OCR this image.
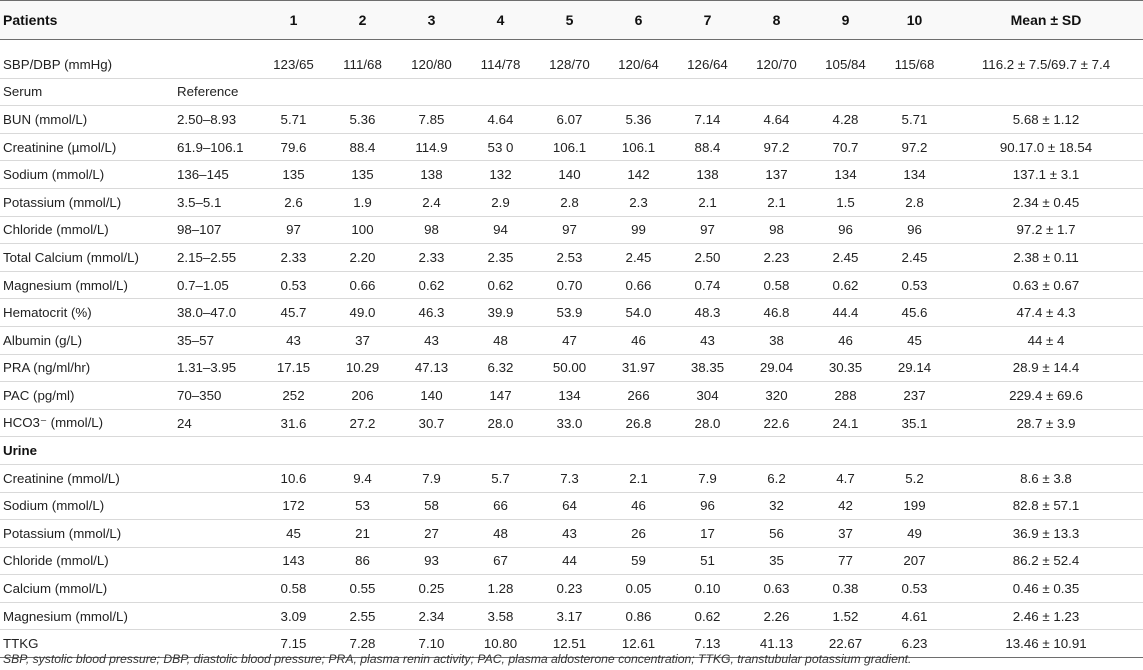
Patients		1	2	3	4	5	6	7	8	9	10	Mean ± SD
SBP/DBP (mmHg)		123/65	111/68	120/80	114/78	128/70	120/64	126/64	120/70	105/84	115/68	116.2 ± 7.5/69.7 ± 7.4
Serum	Reference											
BUN (mmol/L)	2.50–8.93	5.71	5.36	7.85	4.64	6.07	5.36	7.14	4.64	4.28	5.71	5.68 ± 1.12
Creatinine (µmol/L)	61.9–106.1	79.6	88.4	114.9	53 0	106.1	106.1	88.4	97.2	70.7	97.2	90.17.0 ± 18.54
Sodium (mmol/L)	136–145	135	135	138	132	140	142	138	137	134	134	137.1 ± 3.1
Potassium (mmol/L)	3.5–5.1	2.6	1.9	2.4	2.9	2.8	2.3	2.1	2.1	1.5	2.8	2.34 ± 0.45
Chloride (mmol/L)	98–107	97	100	98	94	97	99	97	98	96	96	97.2 ± 1.7
Total Calcium (mmol/L)	2.15–2.55	2.33	2.20	2.33	2.35	2.53	2.45	2.50	2.23	2.45	2.45	2.38 ± 0.11
Magnesium (mmol/L)	0.7–1.05	0.53	0.66	0.62	0.62	0.70	0.66	0.74	0.58	0.62	0.53	0.63 ± 0.67
Hematocrit (%)	38.0–47.0	45.7	49.0	46.3	39.9	53.9	54.0	48.3	46.8	44.4	45.6	47.4 ± 4.3
Albumin (g/L)	35–57	43	37	43	48	47	46	43	38	46	45	44 ± 4
PRA (ng/ml/hr)	1.31–3.95	17.15	10.29	47.13	6.32	50.00	31.97	38.35	29.04	30.35	29.14	28.9 ± 14.4
PAC (pg/ml)	70–350	252	206	140	147	134	266	304	320	288	237	229.4 ± 69.6
HCO3⁻ (mmol/L)	24	31.6	27.2	30.7	28.0	33.0	26.8	28.0	22.6	24.1	35.1	28.7 ± 3.9
Urine												
Creatinine (mmol/L)		10.6	9.4	7.9	5.7	7.3	2.1	7.9	6.2	4.7	5.2	8.6 ± 3.8
Sodium (mmol/L)		172	53	58	66	64	46	96	32	42	199	82.8 ± 57.1
Potassium (mmol/L)		45	21	27	48	43	26	17	56	37	49	36.9 ± 13.3
Chloride (mmol/L)		143	86	93	67	44	59	51	35	77	207	86.2 ± 52.4
Calcium (mmol/L)		0.58	0.55	0.25	1.28	0.23	0.05	0.10	0.63	0.38	0.53	0.46 ± 0.35
Magnesium (mmol/L)		3.09	2.55	2.34	3.58	3.17	0.86	0.62	2.26	1.52	4.61	2.46 ± 1.23
TTKG		7.15	7.28	7.10	10.80	12.51	12.61	7.13	41.13	22.67	6.23	13.46 ± 10.91
SBP, systolic blood pressure; DBP, diastolic blood pressure; PRA, plasma renin activity; PAC, plasma aldosterone concentration; TTKG, transtubular potassium gradient.
